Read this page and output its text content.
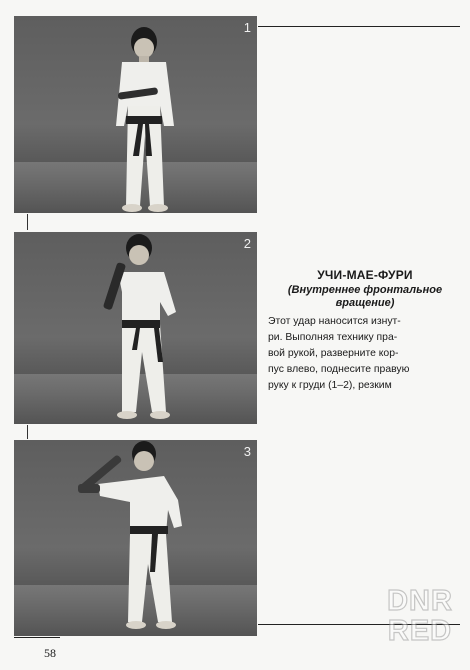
1
2
3
УЧИ-МАЕ-ФУРИ
(Внутреннее фронтальное
вращение)
Этот удар наносится изнут-
ри. Выполняя технику пра-
вой рукой, разверните кор-
пус влево, поднесите правую
руку к груди (1–2), резким
58
DNR
RED
